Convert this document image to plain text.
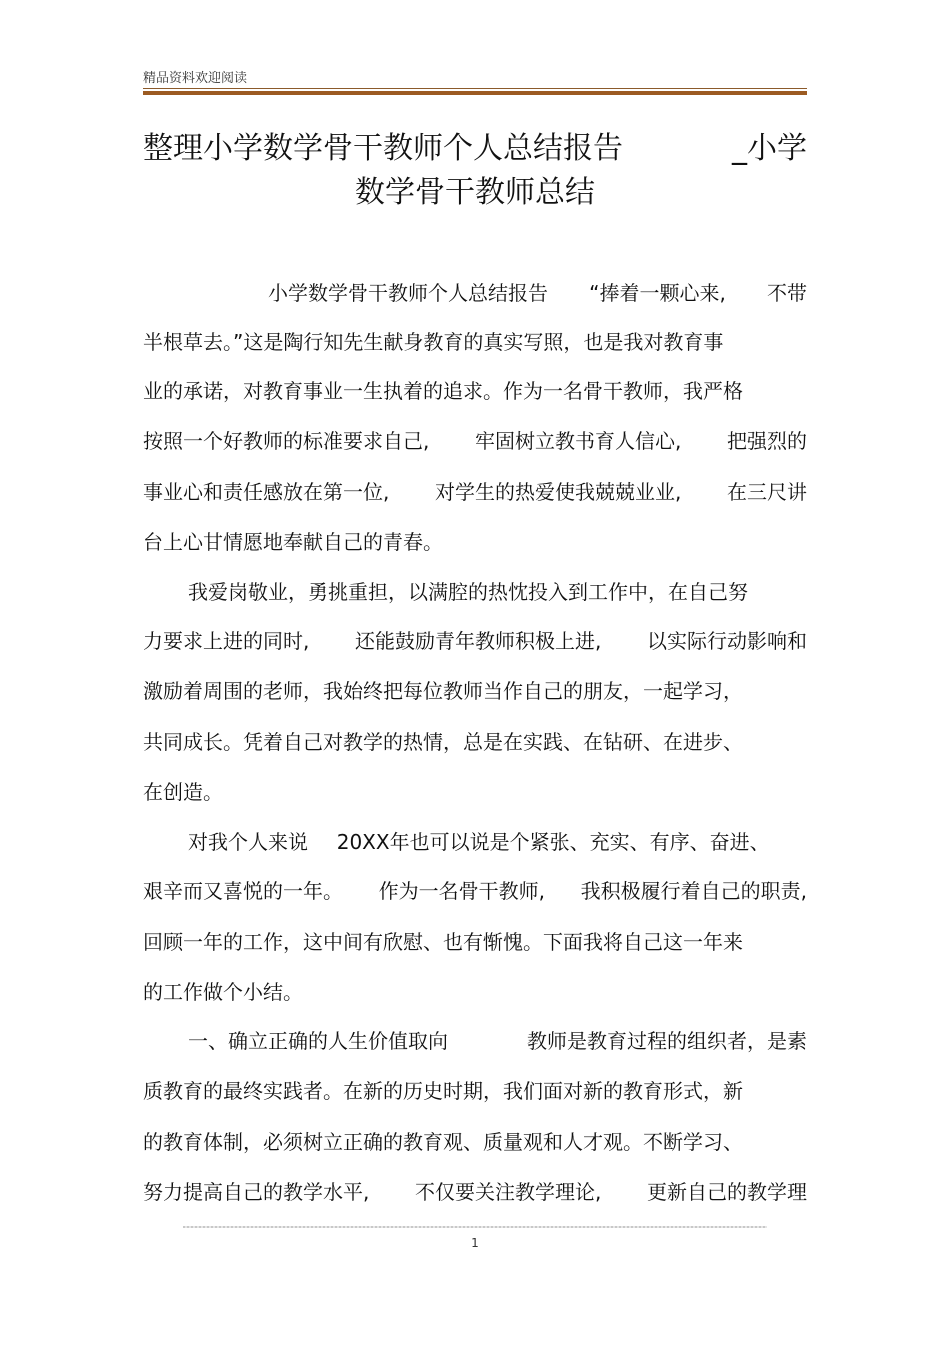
精品资料欢迎阅读
整理小学数学骨干教师个人总结报告	_小学
数学骨干教师总结
小学数学骨干教师个人总结报告 “捧着一颗心来, 不带
半根草去。”这是陶行知先生献身教育的真实写照，也是我对教育事
业的承诺，对教育事业一生执着的追求。作为一名骨干教师，我严格
按照一个好教师的标准要求自己, 牢固树立教书育人信心, 把强烈的
事业心和责任感放在第一位, 对学生的热爱使我兢兢业业, 在三尺讲
台上心甘情愿地奉献自己的青春。
我爱岗敬业，勇挑重担，以满腔的热忱投入到工作中，在自己努
力要求上进的同时, 还能鼓励青年教师积极上进, 以实际行动影响和
激励着周围的老师，我始终把每位教师当作自己的朋友，一起学习，
共同成长。凭着自己对教学的热情，总是在实践、在钻研、在进步、
在创造。
对我个人来说 20XX年也可以说是个紧张、充实、有序、奋进、
艰辛而又喜悦的一年。 作为一名骨干教师, 我积极履行着自己的职责,
回顾一年的工作，这中间有欣慰、也有惭愧。下面我将自己这一年来
的工作做个小结。
一、确立正确的人生价值取向	教师是教育过程的组织者，是素
质教育的最终实践者。在新的历史时期，我们面对新的教育形式，新
的教育体制，必须树立正确的教育观、质量观和人才观。不断学习、
努力提高自己的教学水平, 不仅要关注教学理论, 更新自己的教学理
1
